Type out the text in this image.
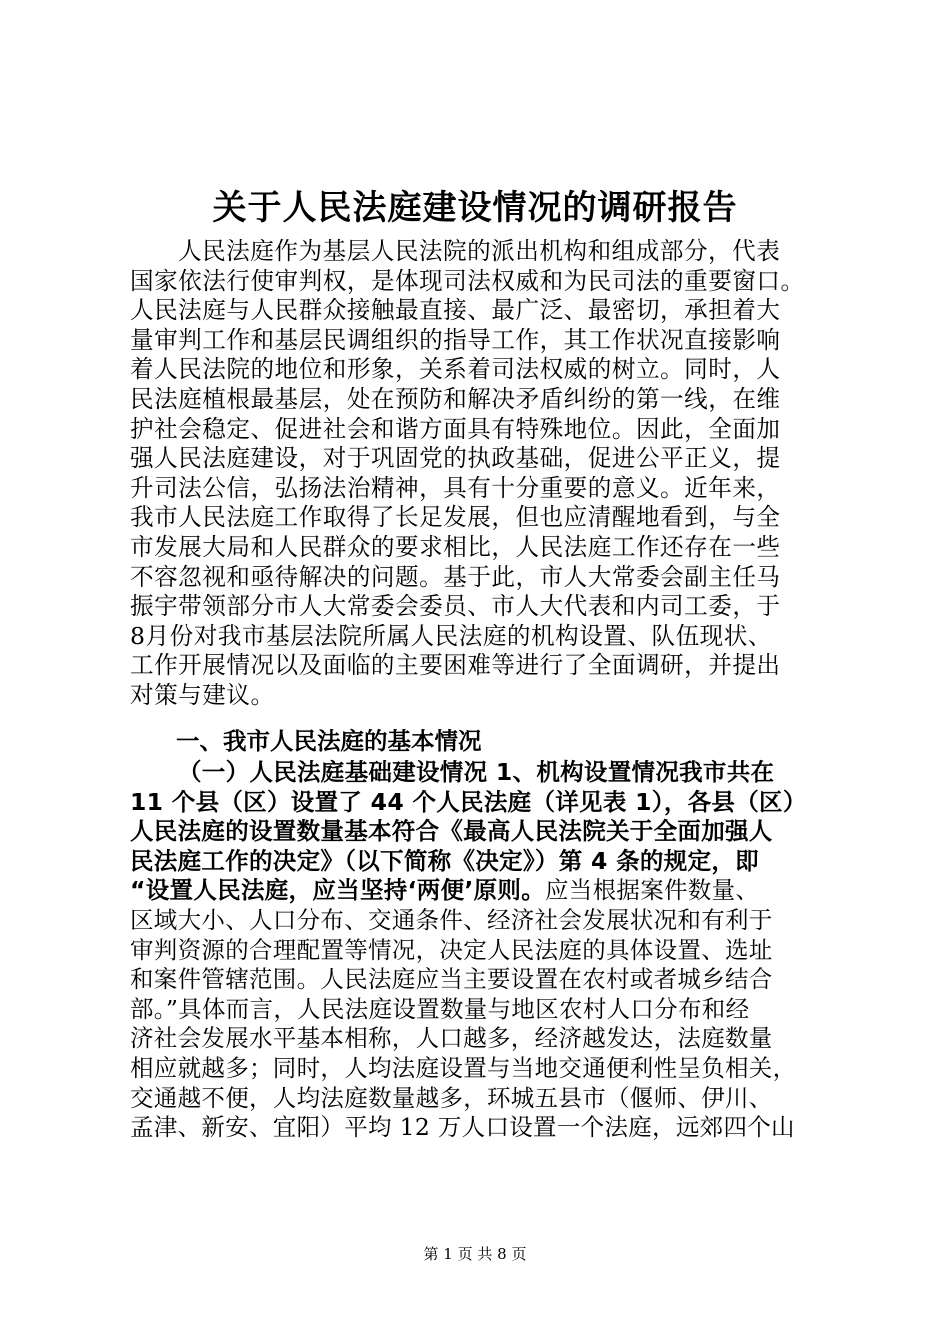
关于人民法庭建设情况的调研报告
人民法庭作为基层人民法院的派出机构和组成部分，代表
国家依法行使审判权，是体现司法权威和为民司法的重要窗口。
人民法庭与人民群众接触最直接、最广泛、最密切，承担着大
量审判工作和基层民调组织的指导工作，其工作状况直接影响
着人民法院的地位和形象，关系着司法权威的树立。同时，人
民法庭植根最基层，处在预防和解决矛盾纠纷的第一线，在维
护社会稳定、促进社会和谐方面具有特殊地位。因此，全面加
强人民法庭建设，对于巩固党的执政基础，促进公平正义，提
升司法公信，弘扬法治精神，具有十分重要的意义。近年来，
我市人民法庭工作取得了长足发展，但也应清醒地看到，与全
市发展大局和人民群众的要求相比，人民法庭工作还存在一些
不容忽视和亟待解决的问题。基于此，市人大常委会副主任马
振宇带领部分市人大常委会委员、市人大代表和内司工委，于
8月份对我市基层法院所属人民法庭的机构设置、队伍现状、
工作开展情况以及面临的主要困难等进行了全面调研，并提出
对策与建议。
一、我市人民法庭的基本情况
（一）人民法庭基础建设情况 1、机构设置情况我市共在
11 个县（区）设置了 44 个人民法庭（详见表 1），各县（区）
人民法庭的设置数量基本符合《最高人民法院关于全面加强人
民法庭工作的决定》（以下简称《决定》）第 4 条的规定，即
“设置人民法庭，应当坚持‘两便’原则。应当根据案件数量、
区域大小、人口分布、交通条件、经济社会发展状况和有利于
审判资源的合理配置等情况，决定人民法庭的具体设置、选址
和案件管辖范围。人民法庭应当主要设置在农村或者城乡结合
部。”具体而言，人民法庭设置数量与地区农村人口分布和经
济社会发展水平基本相称，人口越多，经济越发达，法庭数量
相应就越多；同时，人均法庭设置与当地交通便利性呈负相关，
交通越不便，人均法庭数量越多，环城五县市（偃师、伊川、
孟津、新安、宜阳）平均 12 万人口设置一个法庭，远郊四个山
第 1 页 共 8 页
